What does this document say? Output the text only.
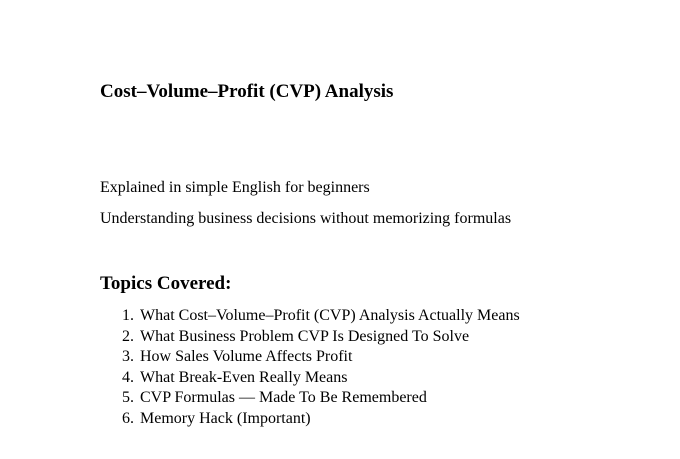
Cost–Volume–Profit (CVP) Analysis

Explained in simple English for beginners

Understanding business decisions without memorizing formulas

Topics Covered:
1. What Cost–Volume–Profit (CVP) Analysis Actually Means
2. What Business Problem CVP Is Designed To Solve
3. How Sales Volume Affects Profit
4. What Break-Even Really Means
5. CVP Formulas — Made To Be Remembered
6. Memory Hack (Important)
